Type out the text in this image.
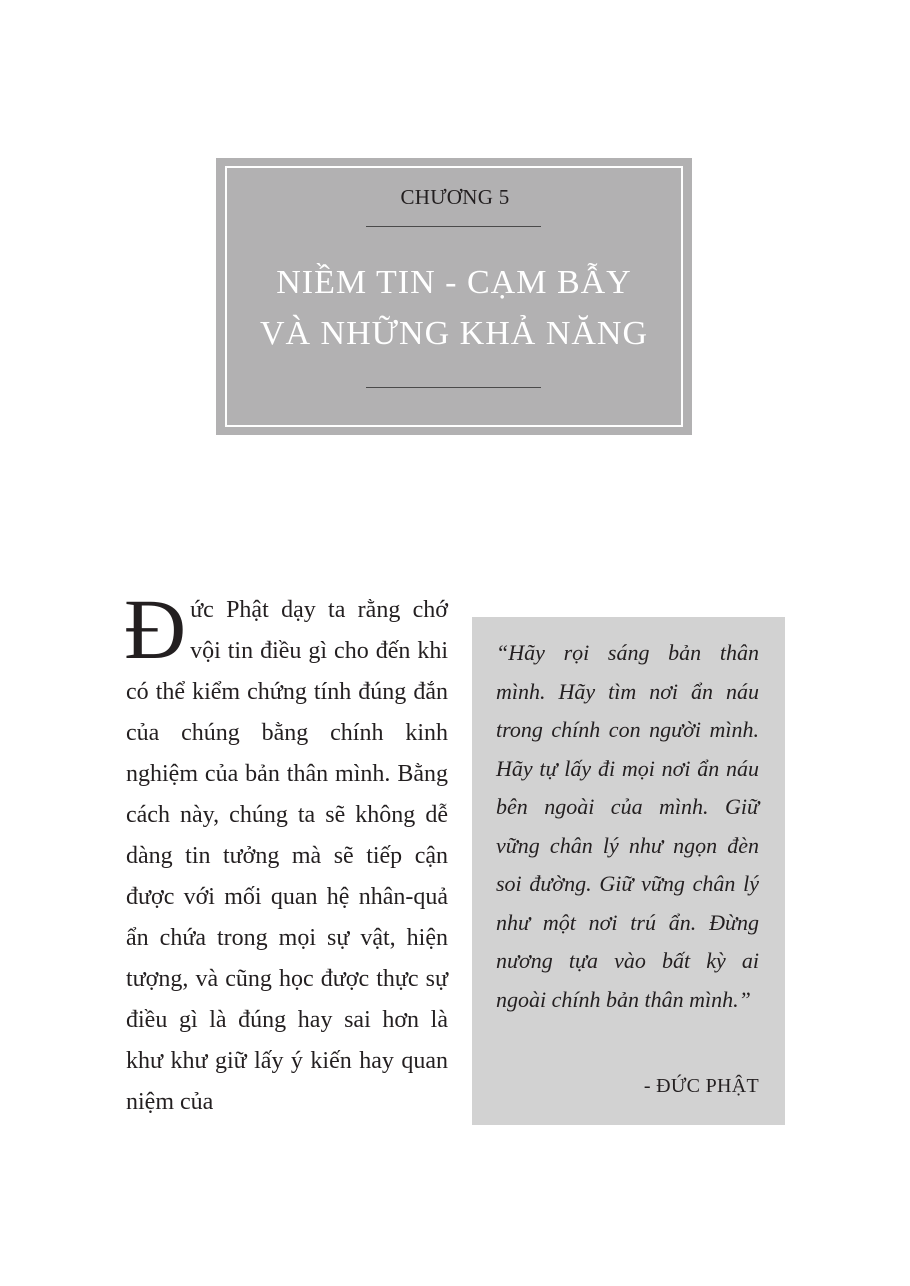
CHƯƠNG 5
NIỀM TIN - CẠM BẪY
VÀ NHỮNG KHẢ NĂNG

Đức Phật dạy ta rằng chớ vội tin điều gì cho đến khi có thể kiểm chứng tính đúng đắn của chúng bằng chính kinh nghiệm của bản thân mình. Bằng cách này, chúng ta sẽ không dễ dàng tin tưởng mà sẽ tiếp cận được với mối quan hệ nhân-quả ẩn chứa trong mọi sự vật, hiện tượng, và cũng học được thực sự điều gì là đúng hay sai hơn là khư khư giữ lấy ý kiến hay quan niệm của

“Hãy rọi sáng bản thân mình. Hãy tìm nơi ẩn náu trong chính con người mình. Hãy tự lấy đi mọi nơi ẩn náu bên ngoài của mình. Giữ vững chân lý như ngọn đèn soi đường. Giữ vững chân lý như một nơi trú ẩn. Đừng nương tựa vào bất kỳ ai ngoài chính bản thân mình.”
- ĐỨC PHẬT
